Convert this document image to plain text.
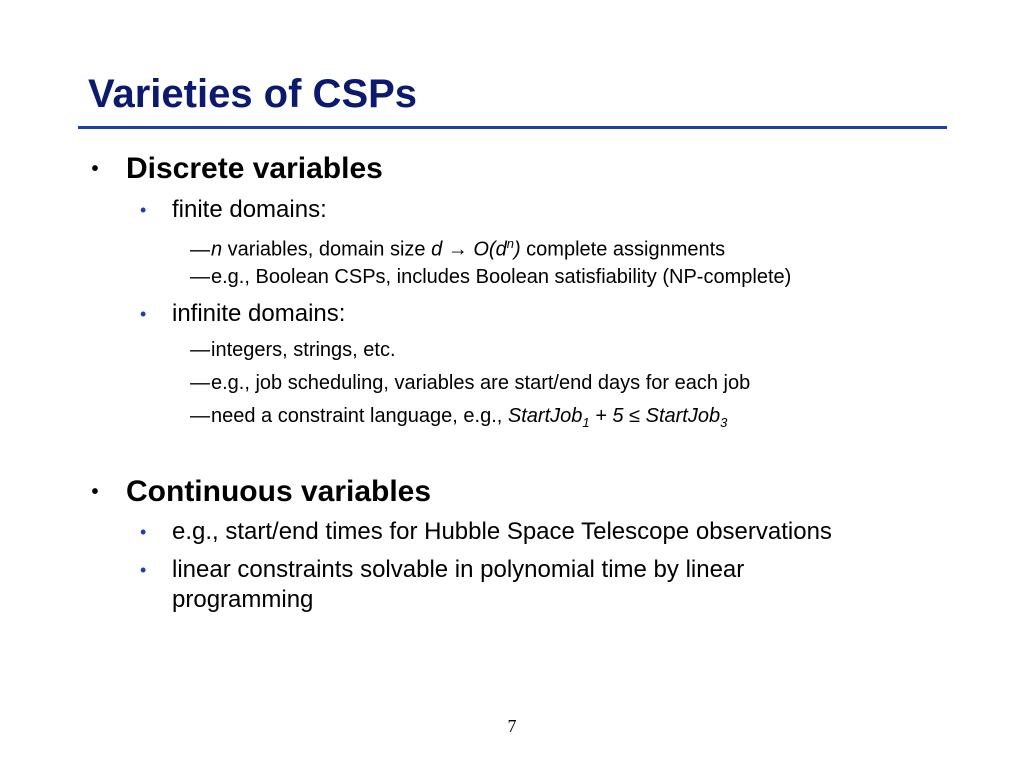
Varieties of CSPs
• Discrete variables
• finite domains:
—n variables, domain size $d \to O(d^n)$ complete assignments
—e.g., Boolean CSPs, includes Boolean satisfiability (NP-complete)
• infinite domains:
—integers, strings, etc.
—e.g., job scheduling, variables are start/end days for each job
—need a constraint language, e.g., StartJob$_1$ + 5 ≤ StartJob$_3$
• Continuous variables
• e.g., start/end times for Hubble Space Telescope observations
• linear constraints solvable in polynomial time by linear
programming
7
